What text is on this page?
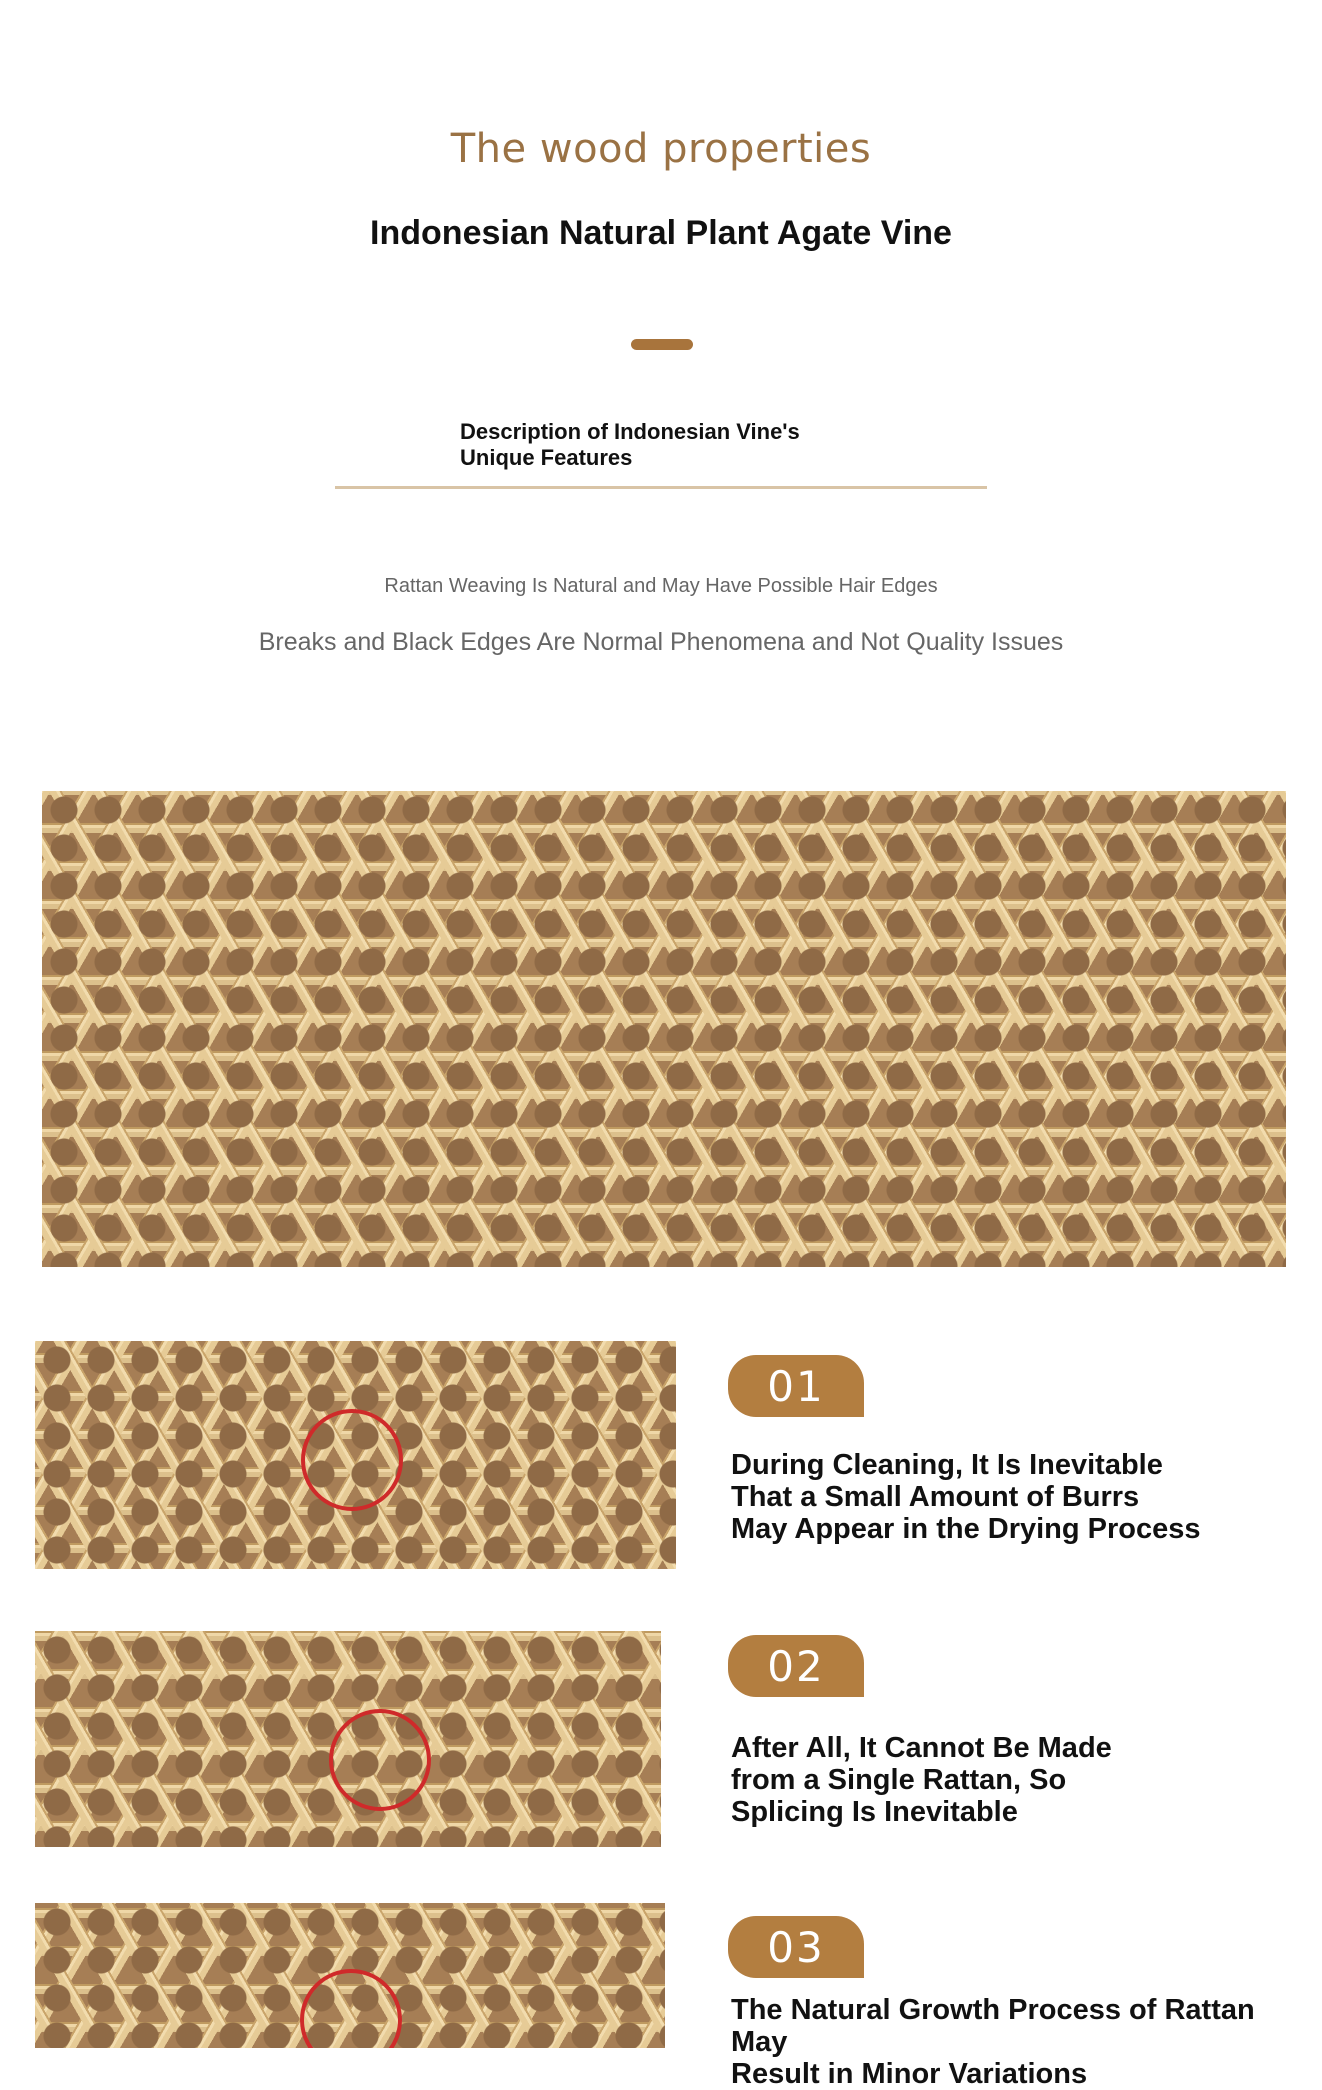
The wood properties
Indonesian Natural Plant Agate Vine
Description of Indonesian Vine's
Unique Features
Rattan Weaving Is Natural and May Have Possible Hair Edges
Breaks and Black Edges Are Normal Phenomena and Not Quality Issues
01
During Cleaning, It Is Inevitable
That a Small Amount of Burrs
May Appear in the Drying Process
02
After All, It Cannot Be Made
from a Single Rattan, So
Splicing Is Inevitable
03
The Natural Growth Process of Rattan May
Result in Minor Variations
